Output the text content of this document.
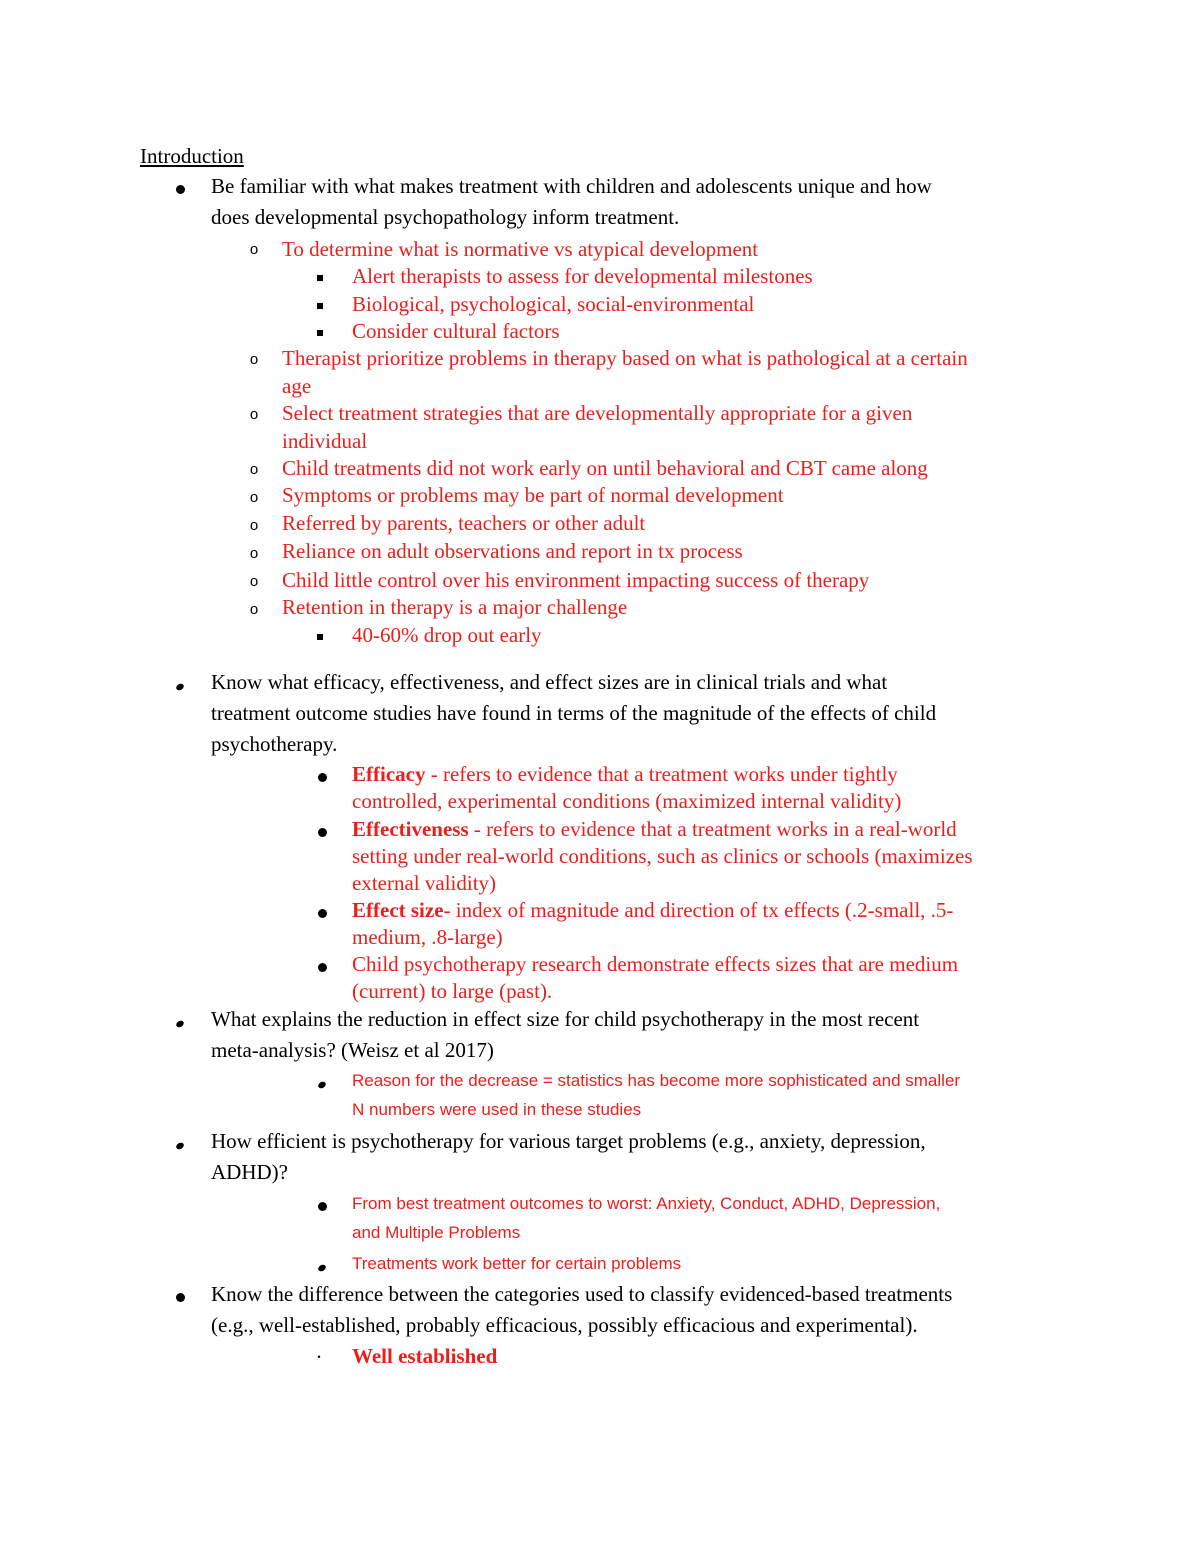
Introduction
Be familiar with what makes treatment with children and adolescents unique and how
does developmental psychopathology inform treatment.
o To determine what is normative vs atypical development
Alert therapists to assess for developmental milestones
Biological, psychological, social-environmental
Consider cultural factors
o Therapist prioritize problems in therapy based on what is pathological at a certain
age
o Select treatment strategies that are developmentally appropriate for a given
individual
o Child treatments did not work early on until behavioral and CBT came along
o Symptoms or problems may be part of normal development
o Referred by parents, teachers or other adult
o Reliance on adult observations and report in tx process
o Child little control over his environment impacting success of therapy
o Retention in therapy is a major challenge
40-60% drop out early
Know what efficacy, effectiveness, and effect sizes are in clinical trials and what
treatment outcome studies have found in terms of the magnitude of the effects of child
psychotherapy.
Efficacy - refers to evidence that a treatment works under tightly
controlled, experimental conditions (maximized internal validity)
Effectiveness - refers to evidence that a treatment works in a real-world
setting under real-world conditions, such as clinics or schools (maximizes
external validity)
Effect size- index of magnitude and direction of tx effects (.2-small, .5-
medium, .8-large)
Child psychotherapy research demonstrate effects sizes that are medium
(current) to large (past).
What explains the reduction in effect size for child psychotherapy in the most recent
meta-analysis? (Weisz et al 2017)
Reason for the decrease = statistics has become more sophisticated and smaller
N numbers were used in these studies
How efficient is psychotherapy for various target problems (e.g., anxiety, depression,
ADHD)?
From best treatment outcomes to worst: Anxiety, Conduct, ADHD, Depression,
and Multiple Problems
Treatments work better for certain problems
Know the difference between the categories used to classify evidenced-based treatments
(e.g., well-established, probably efficacious, possibly efficacious and experimental).
·	Well established
